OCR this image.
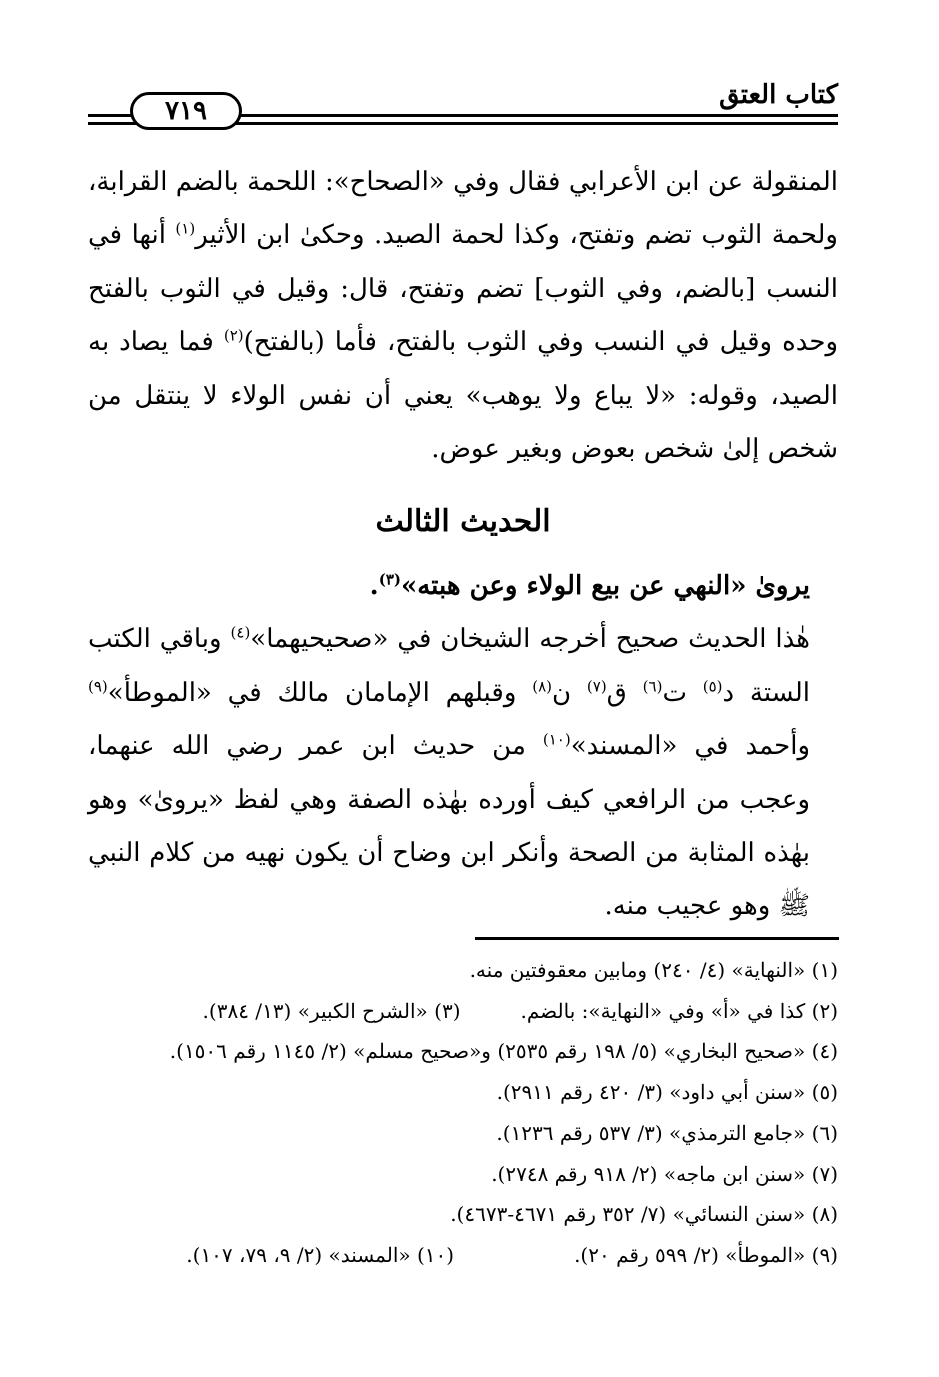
كتاب العتق
٧١٩

المنقولة عن ابن الأعرابي فقال وفي «الصحاح»: اللحمة بالضم القرابة، ولحمة الثوب تضم وتفتح، وكذا لحمة الصيد. وحكىٰ ابن الأثير$^{(١)}$ أنها في النسب [بالضم، وفي الثوب] تضم وتفتح، قال: وقيل في الثوب بالفتح وحده وقيل في النسب وفي الثوب بالفتح، فأما (بالفتح)$^{(٢)}$ فما يصاد به الصيد، وقوله: «لا يباع ولا يوهب» يعني أن نفس الولاء لا ينتقل من شخص إلىٰ شخص بعوض وبغير عوض.

الحديث الثالث

يروىٰ «النهي عن بيع الولاء وعن هبته»$^{(٣)}$.

هٰذا الحديث صحيح أخرجه الشيخان في «صحيحيهما»$^{(٤)}$ وباقي الكتب الستة د$^{(٥)}$ ت$^{(٦)}$ ق$^{(٧)}$ ن$^{(٨)}$ وقبلهم الإمامان مالك في «الموطأ»$^{(٩)}$ وأحمد في «المسند»$^{(١٠)}$ من حديث ابن عمر رضي الله عنهما، وعجب من الرافعي كيف أورده بهٰذه الصفة وهي لفظ «يروىٰ» وهو بهٰذه المثابة من الصحة وأنكر ابن وضاح أن يكون نهيه من كلام النبي ﷺ وهو عجيب منه.

(١) «النهاية» (٤/ ٢٤٠) ومابين معقوفتين منه.

(٢) كذا في «أ» وفي «النهاية»: بالضم.(٣) «الشرح الكبير» (١٣/ ٣٨٤).

(٤) «صحيح البخاري» (٥/ ١٩٨ رقم ٢٥٣٥) و«صحيح مسلم» (٢/ ١١٤٥ رقم ١٥٠٦).

(٥) «سنن أبي داود» (٣/ ٤٢٠ رقم ٢٩١١).

(٦) «جامع الترمذي» (٣/ ٥٣٧ رقم ١٢٣٦).

(٧) «سنن ابن ماجه» (٢/ ٩١٨ رقم ٢٧٤٨).

(٨) «سنن النسائي» (٧/ ٣٥٢ رقم ٤٦٧١-٤٦٧٣).

(٩) «الموطأ» (٢/ ٥٩٩ رقم ٢٠).(١٠) «المسند» (٢/ ٩، ٧٩، ١٠٧).
